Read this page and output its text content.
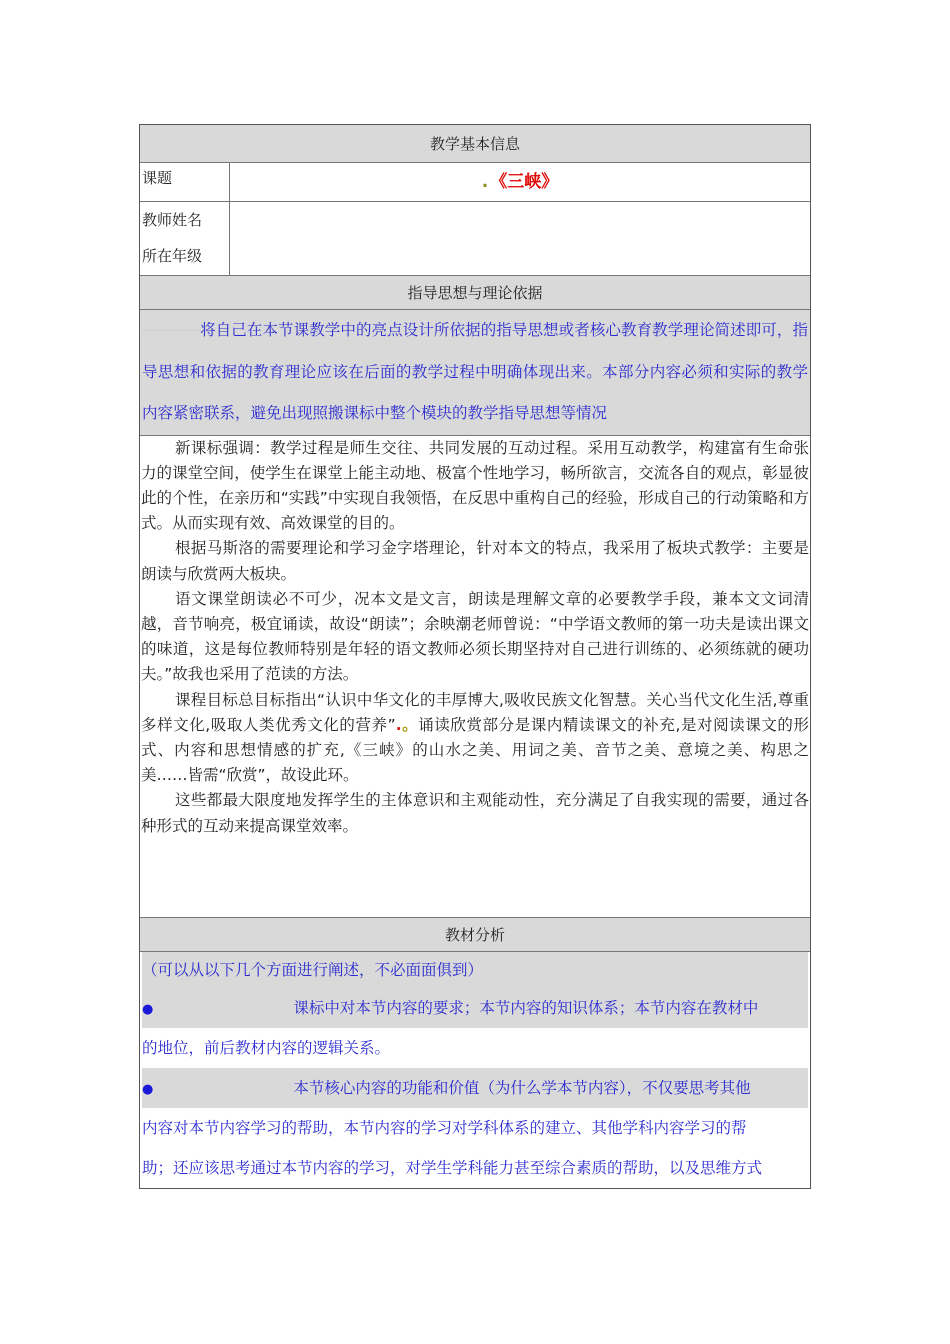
教学基本信息
课题	. 《三峡》
教师姓名
所在年级
指导思想与理论依据
将自己在本节课教学中的亮点设计所依据的指导思想或者核心教育教学理论简述即可，指导思想和依据的教育理论应该在后面的教学过程中明确体现出来。本部分内容必须和实际的教学内容紧密联系，避免出现照搬课标中整个模块的教学指导思想等情况

新课标强调：教学过程是师生交往、共同发展的互动过程。采用互动教学，构建富有生命张力的课堂空间，使学生在课堂上能主动地、极富个性地学习，畅所欲言，交流各自的观点，彰显彼此的个性，在亲历和“实践”中实现自我领悟，在反思中重构自己的经验，形成自己的行动策略和方式。从而实现有效、高效课堂的目的。

根据马斯洛的需要理论和学习金字塔理论，针对本文的特点，我采用了板块式教学：主要是朗读与欣赏两大板块。

语文课堂朗读必不可少，况本文是文言，朗读是理解文章的必要教学手段，兼本文文词清越，音节响亮，极宜诵读，故设“朗读”；余映潮老师曾说：“中学语文教师的第一功夫是读出课文的味道，这是每位教师特别是年轻的语文教师必须长期坚持对自己进行训练的、必须练就的硬功夫。”故我也采用了范读的方法。

课程目标总目标指出“认识中华文化的丰厚博大,吸收民族文化智慧。关心当代文化生活,尊重多样文化,吸取人类优秀文化的营养”.。诵读欣赏部分是课内精读课文的补充,是对阅读课文的形式、内容和思想情感的扩充,《三峡》的山水之美、用词之美、音节之美、意境之美、构思之美……皆需“欣赏”，故设此环。

这些都最大限度地发挥学生的主体意识和主观能动性，充分满足了自我实现的需要，通过各种形式的互动来提高课堂效率。

教材分析
（可以从以下几个方面进行阐述，不必面面俱到）
●	课标中对本节内容的要求；本节内容的知识体系；本节内容在教材中
的地位，前后教材内容的逻辑关系。
●	本节核心内容的功能和价值（为什么学本节内容），不仅要思考其他
内容对本节内容学习的帮助，本节内容的学习对学科体系的建立、其他学科内容学习的帮
助；还应该思考通过本节内容的学习，对学生学科能力甚至综合素质的帮助，以及思维方式
